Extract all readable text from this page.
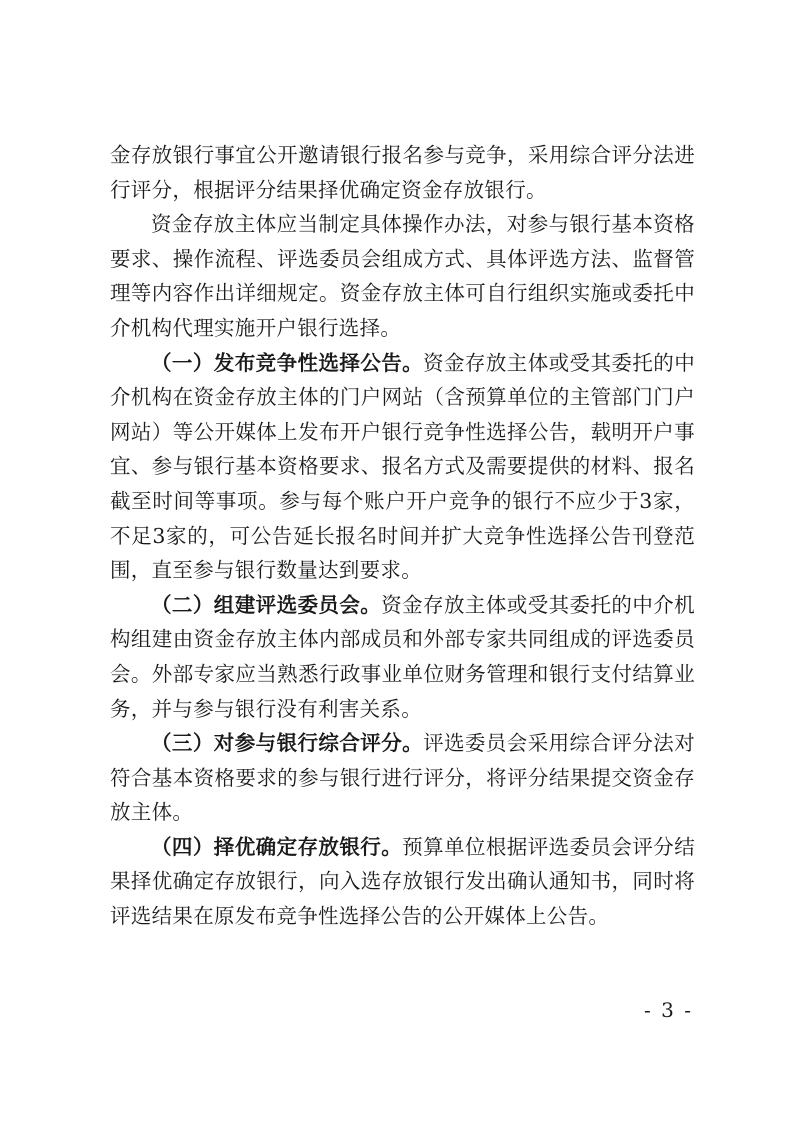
金存放银行事宜公开邀请银行报名参与竞争，采用综合评分法进行评分，根据评分结果择优确定资金存放银行。

资金存放主体应当制定具体操作办法，对参与银行基本资格要求、操作流程、评选委员会组成方式、具体评选方法、监督管理等内容作出详细规定。资金存放主体可自行组织实施或委托中介机构代理实施开户银行选择。

（一）发布竞争性选择公告。资金存放主体或受其委托的中介机构在资金存放主体的门户网站（含预算单位的主管部门门户网站）等公开媒体上发布开户银行竞争性选择公告，载明开户事宜、参与银行基本资格要求、报名方式及需要提供的材料、报名截至时间等事项。参与每个账户开户竞争的银行不应少于3家，不足3家的，可公告延长报名时间并扩大竞争性选择公告刊登范围，直至参与银行数量达到要求。

（二）组建评选委员会。资金存放主体或受其委托的中介机构组建由资金存放主体内部成员和外部专家共同组成的评选委员会。外部专家应当熟悉行政事业单位财务管理和银行支付结算业务，并与参与银行没有利害关系。

（三）对参与银行综合评分。评选委员会采用综合评分法对符合基本资格要求的参与银行进行评分，将评分结果提交资金存放主体。

（四）择优确定存放银行。预算单位根据评选委员会评分结果择优确定存放银行，向入选存放银行发出确认通知书，同时将评选结果在原发布竞争性选择公告的公开媒体上公告。

- 3 -
